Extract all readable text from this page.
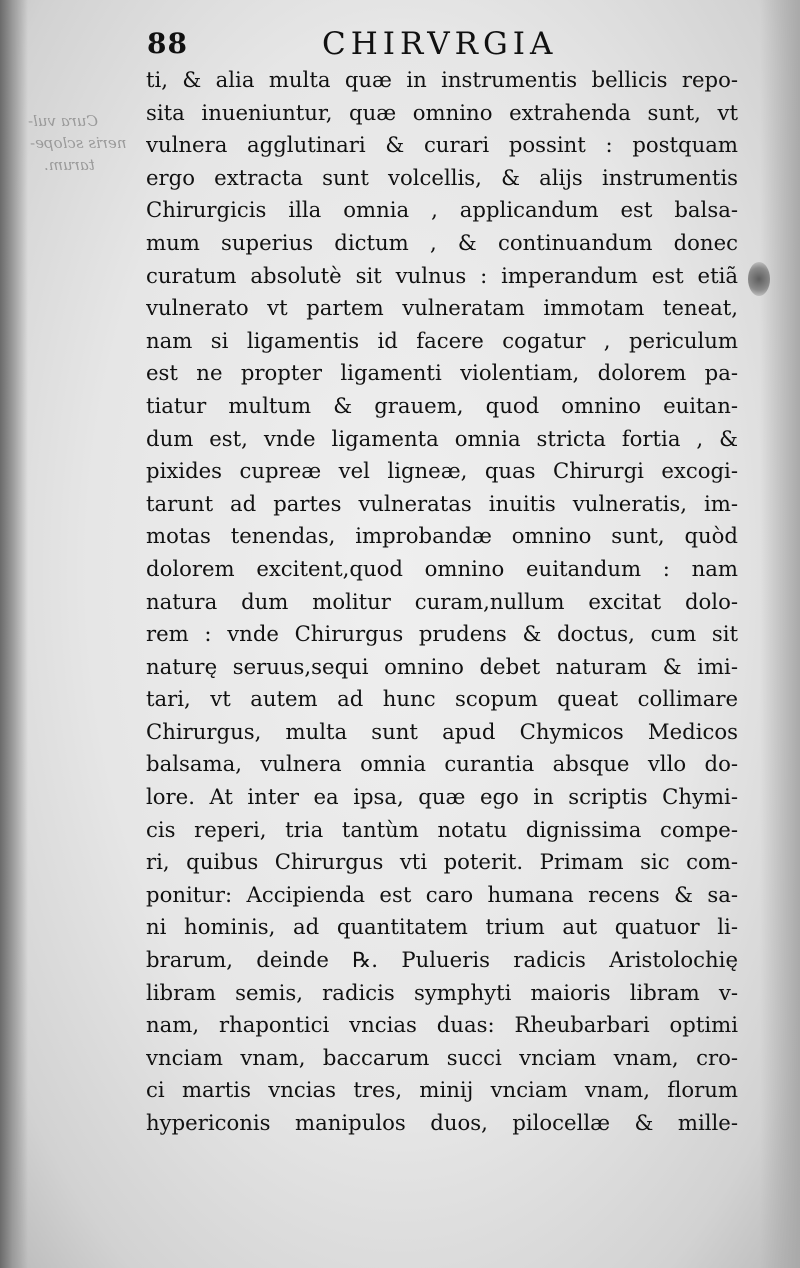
88	CHIRVRGIA
Cura vul-
neris sclope-
tarum.
ti, & alia multa quæ in instrumentis bellicis repo-
sita inueniuntur, quæ omnino extrahenda sunt, vt
vulnera agglutinari & curari possint : postquam
ergo extracta sunt volcellis, & alijs instrumentis
Chirurgicis illa omnia , applicandum est balsa-
mum superius dictum , & continuandum donec
curatum absolutè sit vulnus : imperandum est etiã
vulnerato vt partem vulneratam immotam teneat,
nam si ligamentis id facere cogatur , periculum
est ne propter ligamenti violentiam, dolorem pa-
tiatur multum & grauem, quod omnino euitan-
dum est, vnde ligamenta omnia stricta fortia , &
pixides cupreæ vel ligneæ, quas Chirurgi excogi-
tarunt ad partes vulneratas inuitis vulneratis, im-
motas tenendas, improbandæ omnino sunt, quòd
dolorem excitent,quod omnino euitandum : nam
natura dum molitur curam,nullum excitat dolo-
rem : vnde Chirurgus prudens & doctus, cum sit
naturę seruus,sequi omnino debet naturam & imi-
tari, vt autem ad hunc scopum queat collimare
Chirurgus, multa sunt apud Chymicos Medicos
balsama, vulnera omnia curantia absque vllo do-
lore. At inter ea ipsa, quæ ego in scriptis Chymi-
cis reperi, tria tantùm notatu dignissima compe-
ri, quibus Chirurgus vti poterit. Primam sic com-
ponitur: Accipienda est caro humana recens & sa-
ni hominis, ad quantitatem trium aut quatuor li-
brarum, deinde ℞. Pulueris radicis Aristolochię
libram semis, radicis symphyti maioris libram v-
nam, rhapontici vncias duas: Rheubarbari optimi
vnciam vnam, baccarum succi vnciam vnam, cro-
ci martis vncias tres, minij vnciam vnam, florum
hypericonis manipulos duos, pilocellæ & mille-
